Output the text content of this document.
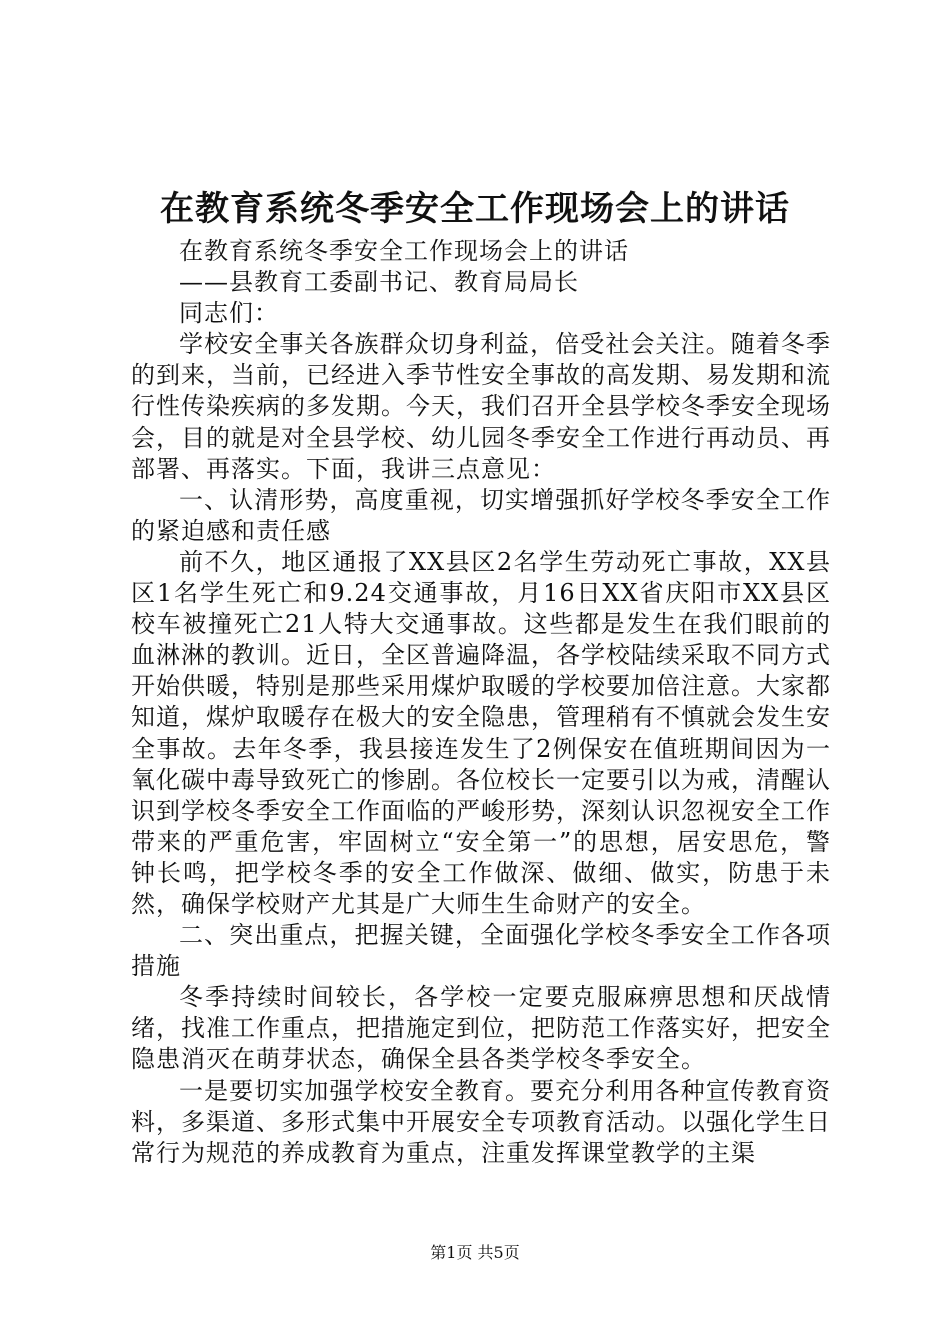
在教育系统冬季安全工作现场会上的讲话

在教育系统冬季安全工作现场会上的讲话

——县教育工委副书记、教育局局长

同志们：

学校安全事关各族群众切身利益，倍受社会关注。随着冬季的到来，当前，已经进入季节性安全事故的高发期、易发期和流行性传染疾病的多发期。今天，我们召开全县学校冬季安全现场会，目的就是对全县学校、幼儿园冬季安全工作进行再动员、再部署、再落实。下面，我讲三点意见：

一、认清形势，高度重视，切实增强抓好学校冬季安全工作的紧迫感和责任感

前不久，地区通报了XX县区2名学生劳动死亡事故，XX县区1名学生死亡和9.24交通事故，月16日XX省庆阳市XX县区校车被撞死亡21人特大交通事故。这些都是发生在我们眼前的血淋淋的教训。近日，全区普遍降温，各学校陆续采取不同方式开始供暖，特别是那些采用煤炉取暖的学校要加倍注意。大家都知道，煤炉取暖存在极大的安全隐患，管理稍有不慎就会发生安全事故。去年冬季，我县接连发生了2例保安在值班期间因为一氧化碳中毒导致死亡的惨剧。各位校长一定要引以为戒，清醒认识到学校冬季安全工作面临的严峻形势，深刻认识忽视安全工作带来的严重危害，牢固树立“安全第一”的思想，居安思危，警钟长鸣，把学校冬季的安全工作做深、做细、做实，防患于未然，确保学校财产尤其是广大师生生命财产的安全。

二、突出重点，把握关键，全面强化学校冬季安全工作各项措施

冬季持续时间较长，各学校一定要克服麻痹思想和厌战情绪，找准工作重点，把措施定到位，把防范工作落实好，把安全隐患消灭在萌芽状态，确保全县各类学校冬季安全。

一是要切实加强学校安全教育。要充分利用各种宣传教育资料，多渠道、多形式集中开展安全专项教育活动。以强化学生日常行为规范的养成教育为重点，注重发挥课堂教学的主渠

第1页 共5页
